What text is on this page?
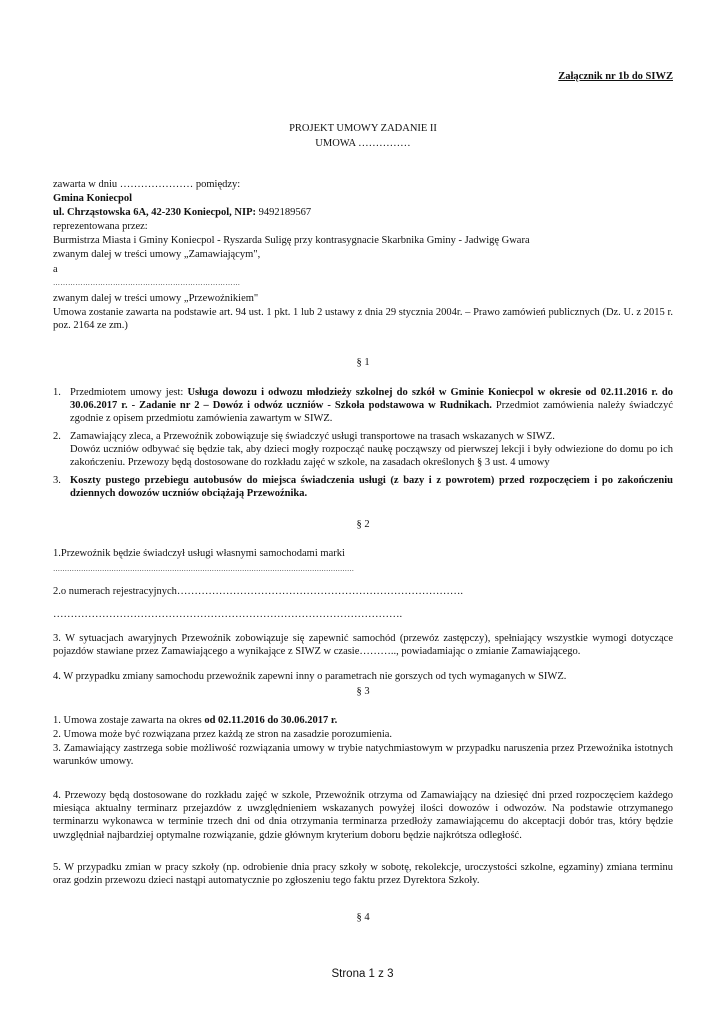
Załącznik nr 1b do SIWZ
PROJEKT UMOWY ZADANIE II
UMOWA ……………
zawarta w dniu ………………… pomiędzy:
Gmina Koniecpol
ul. Chrząstowska 6A, 42-230 Koniecpol, NIP: 9492189567
reprezentowana przez:
Burmistrza Miasta i Gminy Koniecpol - Ryszarda Suligę przy kontrasygnacie Skarbnika Gminy - Jadwigę Gwara
zwanym dalej w treści umowy „Zamawiającym",
a
…………………………………………………………………
zwanym dalej w treści umowy „Przewoźnikiem"
Umowa zostanie zawarta na podstawie art. 94 ust. 1 pkt. 1 lub 2 ustawy z dnia 29 stycznia 2004r. – Prawo zamówień publicznych (Dz. U. z 2015 r. poz. 2164 ze zm.)
§ 1
1. Przedmiotem umowy jest: Usługa dowozu i odwozu młodzieży szkolnej do szkół w Gminie Koniecpol w okresie od 02.11.2016 r. do 30.06.2017 r. - Zadanie nr 2 – Dowóz i odwóz uczniów - Szkoła podstawowa w Rudnikach. Przedmiot zamówienia należy świadczyć zgodnie z opisem przedmiotu zamówienia zawartym w SIWZ.
2. Zamawiający zleca, a Przewoźnik zobowiązuje się świadczyć usługi transportowe na trasach wskazanych w SIWZ.
Dowóz uczniów odbywać się będzie tak, aby dzieci mogły rozpocząć naukę począwszy od pierwszej lekcji i były odwiezione do domu po ich zakończeniu. Przewozy będą dostosowane do rozkładu zajęć w szkole, na zasadach określonych § 3 ust. 4 umowy
3. Koszty pustego przebiegu autobusów do miejsca świadczenia usługi (z bazy i z powrotem) przed rozpoczęciem i po zakończeniu dziennych dowozów uczniów obciążają Przewoźnika.
§ 2
1.Przewoźnik będzie świadczył usługi własnymi samochodami marki
…………………………………………………………………………………………………………………
2.o numerach rejestracyjnych……………………………………………………………………….
……………………………………………………………………………………….
3. W sytuacjach awaryjnych Przewoźnik zobowiązuje się zapewnić samochód (przewóz zastępczy), spełniający wszystkie wymogi dotyczące pojazdów stawiane przez Zamawiającego a wynikające z SIWZ w czasie……….., powiadamiając o zmianie Zamawiającego.
4. W przypadku zmiany samochodu przewoźnik zapewni inny o parametrach nie gorszych od tych wymaganych w SIWZ.
§ 3
1. Umowa zostaje zawarta na okres od 02.11.2016 do 30.06.2017 r.
2. Umowa może być rozwiązana przez każdą ze stron na zasadzie porozumienia.
3. Zamawiający zastrzega sobie możliwość rozwiązania umowy w trybie natychmiastowym w przypadku naruszenia przez Przewoźnika istotnych warunków umowy.
4. Przewozy będą dostosowane do rozkładu zajęć w szkole, Przewoźnik otrzyma od Zamawiający na dziesięć dni przed rozpoczęciem każdego miesiąca aktualny terminarz przejazdów z uwzględnieniem wskazanych powyżej ilości dowozów i odwozów. Na podstawie otrzymanego terminarzu wykonawca w terminie trzech dni od dnia otrzymania terminarza przedłoży zamawiającemu do akceptacji dobór tras, który będzie uwzględniał najbardziej optymalne rozwiązanie, gdzie głównym kryterium doboru będzie najkrótsza odległość.
5. W przypadku zmian w pracy szkoły (np. odrobienie dnia pracy szkoły w sobotę, rekolekcje, uroczystości szkolne, egzaminy) zmiana terminu oraz godzin przewozu dzieci nastąpi automatycznie po zgłoszeniu tego faktu przez Dyrektora Szkoły.
§ 4
Strona 1 z 3
